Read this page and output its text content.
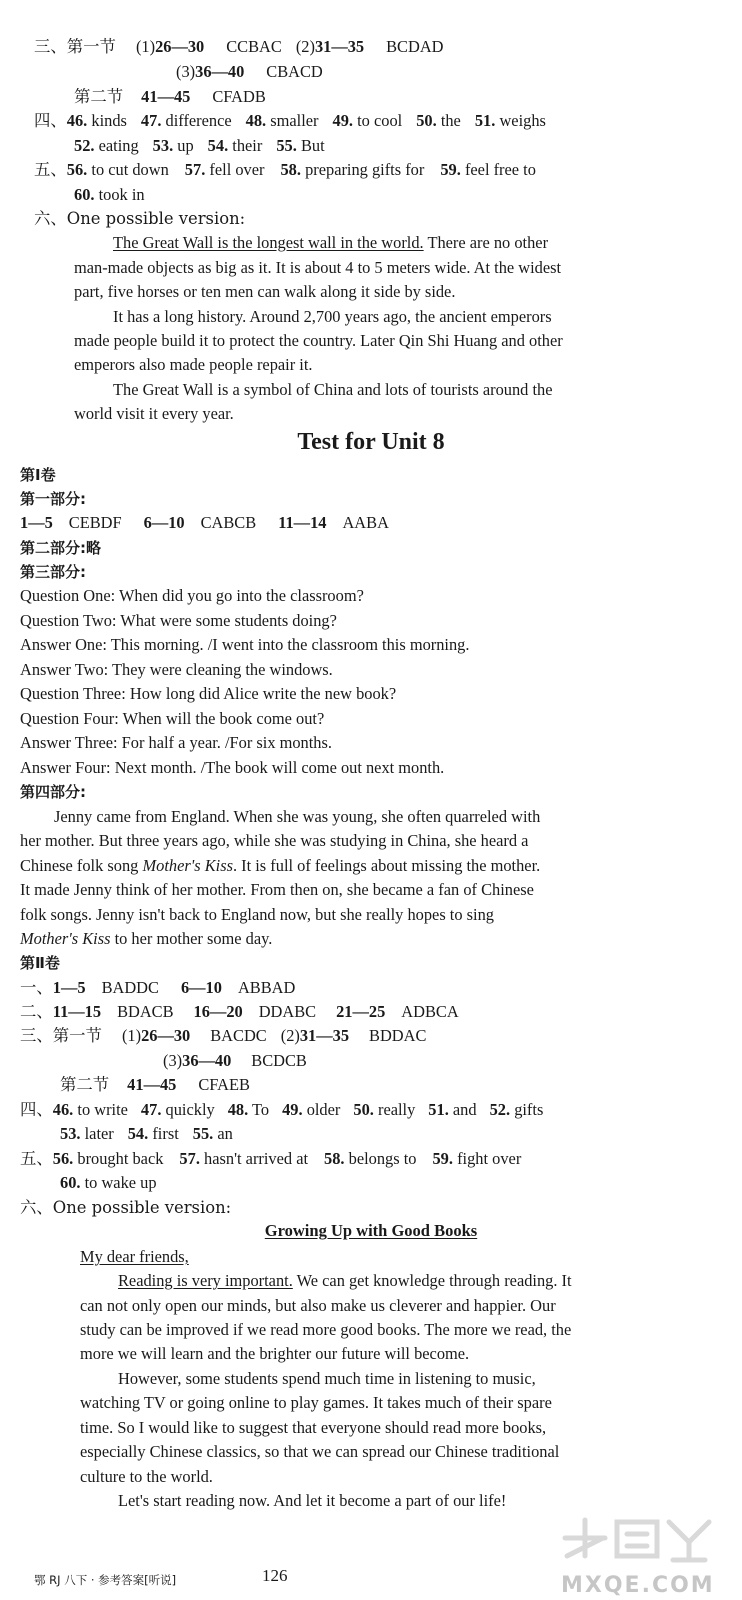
三、第一节 (1)26—30 CCBAC (2)31—35 BCDAD
(3)36—40 CBACD
第二节 41—45 CFADB
四、46. kinds 47. difference 48. smaller 49. to cool 50. the 51. weighs
52. eating 53. up 54. their 55. But
五、56. to cut down 57. fell over 58. preparing gifts for 59. feel free to
60. took in
六、One possible version:
The Great Wall is the longest wall in the world. There are no other
man-made objects as big as it. It is about 4 to 5 meters wide. At the widest
part, five horses or ten men can walk along it side by side.
It has a long history. Around 2,700 years ago, the ancient emperors
made people build it to protect the country. Later Qin Shi Huang and other
emperors also made people repair it.
The Great Wall is a symbol of China and lots of tourists around the
world visit it every year.
Test for Unit 8
第Ⅰ卷
第一部分:
1—5 CEBDF 6—10 CABCB 11—14 AABA
第二部分:略
第三部分:
Question One: When did you go into the classroom?
Question Two: What were some students doing?
Answer One: This morning. /I went into the classroom this morning.
Answer Two: They were cleaning the windows.
Question Three: How long did Alice write the new book?
Question Four: When will the book come out?
Answer Three: For half a year. /For six months.
Answer Four: Next month. /The book will come out next month.
第四部分:
Jenny came from England. When she was young, she often quarreled with
her mother. But three years ago, while she was studying in China, she heard a
Chinese folk song Mother's Kiss. It is full of feelings about missing the mother.
It made Jenny think of her mother. From then on, she became a fan of Chinese
folk songs. Jenny isn't back to England now, but she really hopes to sing
Mother's Kiss to her mother some day.
第Ⅱ卷
一、1—5 BADDC 6—10 ABBAD
二、11—15 BDACB 16—20 DDABC 21—25 ADBCA
三、第一节 (1)26—30 BACDC (2)31—35 BDDAC
(3)36—40 BCDCB
第二节 41—45 CFAEB
四、46. to write 47. quickly 48. To 49. older 50. really 51. and 52. gifts
53. later 54. first 55. an
五、56. brought back 57. hasn't arrived at 58. belongs to 59. fight over
60. to wake up
六、One possible version:
Growing Up with Good Books
My dear friends,
Reading is very important. We can get knowledge through reading. It
can not only open our minds, but also make us cleverer and happier. Our
study can be improved if we read more good books. The more we read, the
more we will learn and the brighter our future will become.
However, some students spend much time in listening to music,
watching TV or going online to play games. It takes much of their spare
time. So I would like to suggest that everyone should read more books,
especially Chinese classics, so that we can spread our Chinese traditional
culture to the world.
Let's start reading now. And let it become a part of our life!
鄂 RJ 八下 · 参考答案[听说]	126	MXQE.COM
